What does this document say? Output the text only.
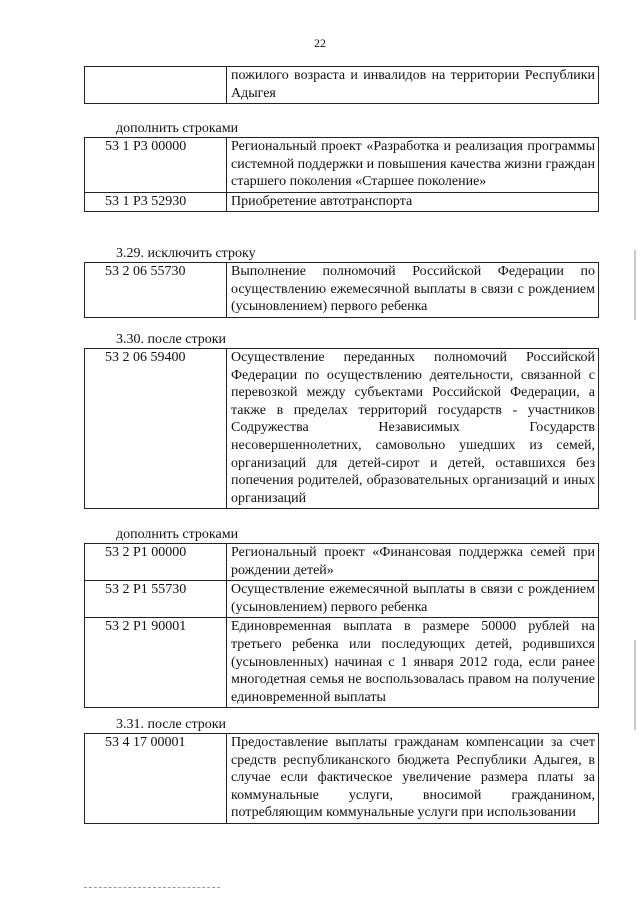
22
	пожилого возраста и инвалидов на территории Республики Адыгея
дополнить строками
53 1 P3 00000	Региональный проект «Разработка и реализация программы системной поддержки и повышения качества жизни граждан старшего поколения «Старшее поколение»
53 1 P3 52930	Приобретение автотранспорта
3.29. исключить строку
53 2 06 55730	Выполнение полномочий Российской Федерации по осуществлению ежемесячной выплаты в связи с рождением (усыновлением) первого ребенка
3.30. после строки
53 2 06 59400	Осуществление переданных полномочий Российской Федерации по осуществлению деятельности, связанной с перевозкой между субъектами Российской Федерации, а также в пределах территорий государств - участников Содружества Независимых Государств несовершеннолетних, самовольно ушедших из семей, организаций для детей-сирот и детей, оставшихся без попечения родителей, образовательных организаций и иных организаций
дополнить строками
53 2 P1 00000	Региональный проект «Финансовая поддержка семей при рождении детей»
53 2 P1 55730	Осуществление ежемесячной выплаты в связи с рождением (усыновлением) первого ребенка
53 2 P1 90001	Единовременная выплата в размере 50000 рублей на третьего ребенка или последующих детей, родившихся (усыновленных) начиная с 1 января 2012 года, если ранее многодетная семья не воспользовалась правом на получение единовременной выплаты
3.31. после строки
53 4 17 00001	Предоставление выплаты гражданам компенсации за счет средств республиканского бюджета Республики Адыгея, в случае если фактическое увеличение размера платы за коммунальные услуги, вносимой гражданином, потребляющим коммунальные услуги при использовании
